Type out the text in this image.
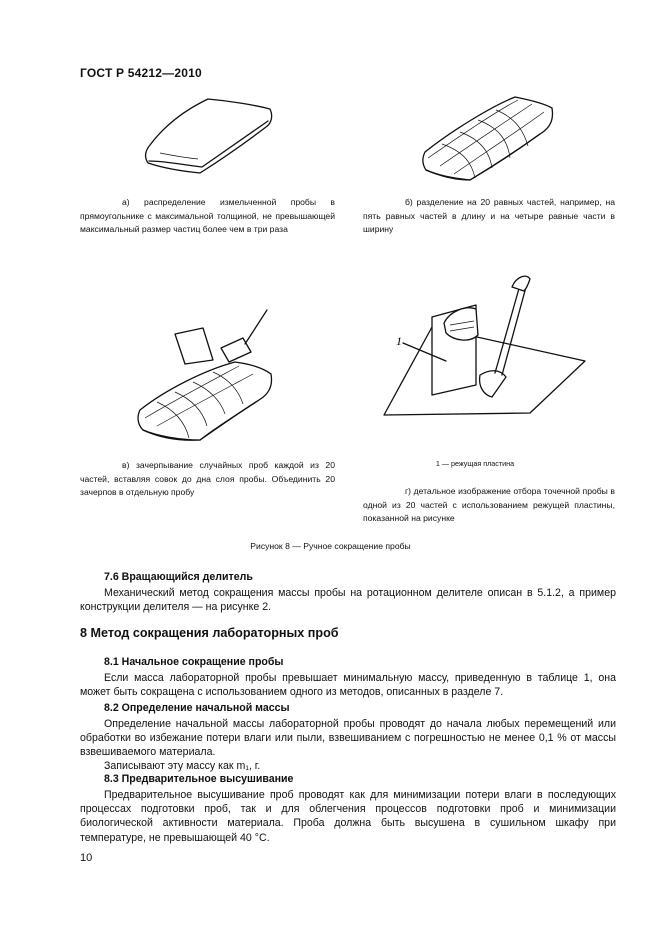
ГОСТ Р 54212—2010
а) распределение измельченной пробы в прямоугольнике с максимальной толщиной, не превышающей максимальный размер частиц более чем в три раза
б) разделение на 20 равных частей, например, на пять равных частей в длину и на четыре равные части в ширину
1
1 — режущая пластина
в) зачерпывание случайных проб каждой из 20 частей, вставляя совок до дна слоя пробы. Объединить 20 зачерпов в отдельную пробу	г) детальное изображение отбора точечной пробы в одной из 20 частей с использованием режущей пластины, показанной на рисунке
Рисунок 8 — Ручное сокращение пробы
7.6 Вращающийся делитель
Механический метод сокращения массы пробы на ротационном делителе описан в 5.1.2, а пример конструкции делителя — на рисунке 2.
8 Метод сокращения лабораторных проб
8.1 Начальное сокращение пробы
Если масса лабораторной пробы превышает минимальную массу, приведенную в таблице 1, она может быть сокращена с использованием одного из методов, описанных в разделе 7.
8.2 Определение начальной массы
Определение начальной массы лабораторной пробы проводят до начала любых перемещений или обработки во избежание потери влаги или пыли, взвешиванием с погрешностью не менее 0,1 % от массы взвешиваемого материала.
Записывают эту массу как m₁, г.
8.3 Предварительное высушивание
Предварительное высушивание проб проводят как для минимизации потери влаги в последующих процессах подготовки проб, так и для облегчения процессов подготовки проб и минимизации биологической активности материала. Проба должна быть высушена в сушильном шкафу при температуре, не превышающей 40 °С.
10
